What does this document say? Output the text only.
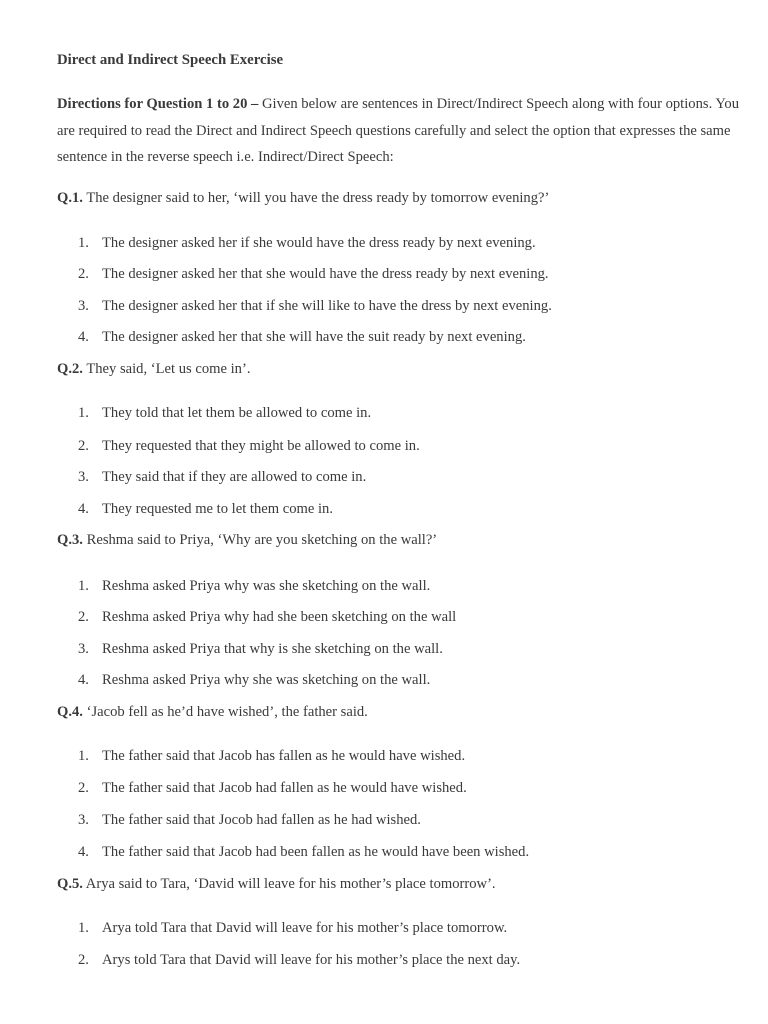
Direct and Indirect Speech Exercise
Directions for Question 1 to 20 – Given below are sentences in Direct/Indirect Speech along with four options. You are required to read the Direct and Indirect Speech questions carefully and select the option that expresses the same sentence in the reverse speech i.e. Indirect/Direct Speech:
Q.1. The designer said to her, ‘will you have the dress ready by tomorrow evening?’
1. The designer asked her if she would have the dress ready by next evening.
2. The designer asked her that she would have the dress ready by next evening.
3. The designer asked her that if she will like to have the dress by next evening.
4. The designer asked her that she will have the suit ready by next evening.
Q.2. They said, ‘Let us come in’.
1. They told that let them be allowed to come in.
2. They requested that they might be allowed to come in.
3. They said that if they are allowed to come in.
4. They requested me to let them come in.
Q.3. Reshma said to Priya, ‘Why are you sketching on the wall?’
1. Reshma asked Priya why was she sketching on the wall.
2. Reshma asked Priya why had she been sketching on the wall
3. Reshma asked Priya that why is she sketching on the wall.
4. Reshma asked Priya why she was sketching on the wall.
Q.4. ‘Jacob fell as he’d have wished’, the father said.
1. The father said that Jacob has fallen as he would have wished.
2. The father said that Jacob had fallen as he would have wished.
3. The father said that Jocob had fallen as he had wished.
4. The father said that Jacob had been fallen as he would have been wished.
Q.5. Arya said to Tara, ‘David will leave for his mother’s place tomorrow’.
1. Arya told Tara that David will leave for his mother’s place tomorrow.
2. Arys told Tara that David will leave for his mother’s place the next day.
